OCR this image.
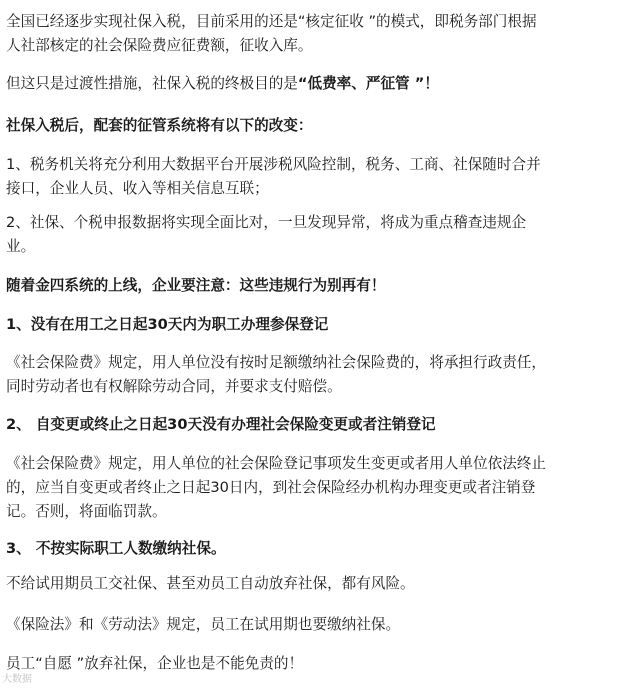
全国已经逐步实现社保入税，目前采用的还是“核定征收 ”的模式，即税务部门根据
人社部核定的社会保险费应征费额，征收入库。
但这只是过渡性措施，社保入税的终极目的是“低费率、严征管 ”！
社保入税后，配套的征管系统将有以下的改变：
1、税务机关将充分利用大数据平台开展涉税风险控制，税务、工商、社保随时合并
接口，企业人员、收入等相关信息互联；
2、社保、个税申报数据将实现全面比对，一旦发现异常，将成为重点稽查违规企
业。
随着金四系统的上线，企业要注意：这些违规行为别再有！
1、没有在用工之日起30天内为职工办理参保登记
《社会保险费》规定，用人单位没有按时足额缴纳社会保险费的，将承担行政责任，
同时劳动者也有权解除劳动合同，并要求支付赔偿。
2、 自变更或终止之日起30天没有办理社会保险变更或者注销登记
《社会保险费》规定，用人单位的社会保险登记事项发生变更或者用人单位依法终止
的，应当自变更或者终止之日起30日内，到社会保险经办机构办理变更或者注销登
记。否则，将面临罚款。
3、 不按实际职工人数缴纳社保。
不给试用期员工交社保、甚至劝员工自动放弃社保，都有风险。
《保险法》和《劳动法》规定，员工在试用期也要缴纳社保。
员工“自愿 ”放弃社保，企业也是不能免责的！
大数据
